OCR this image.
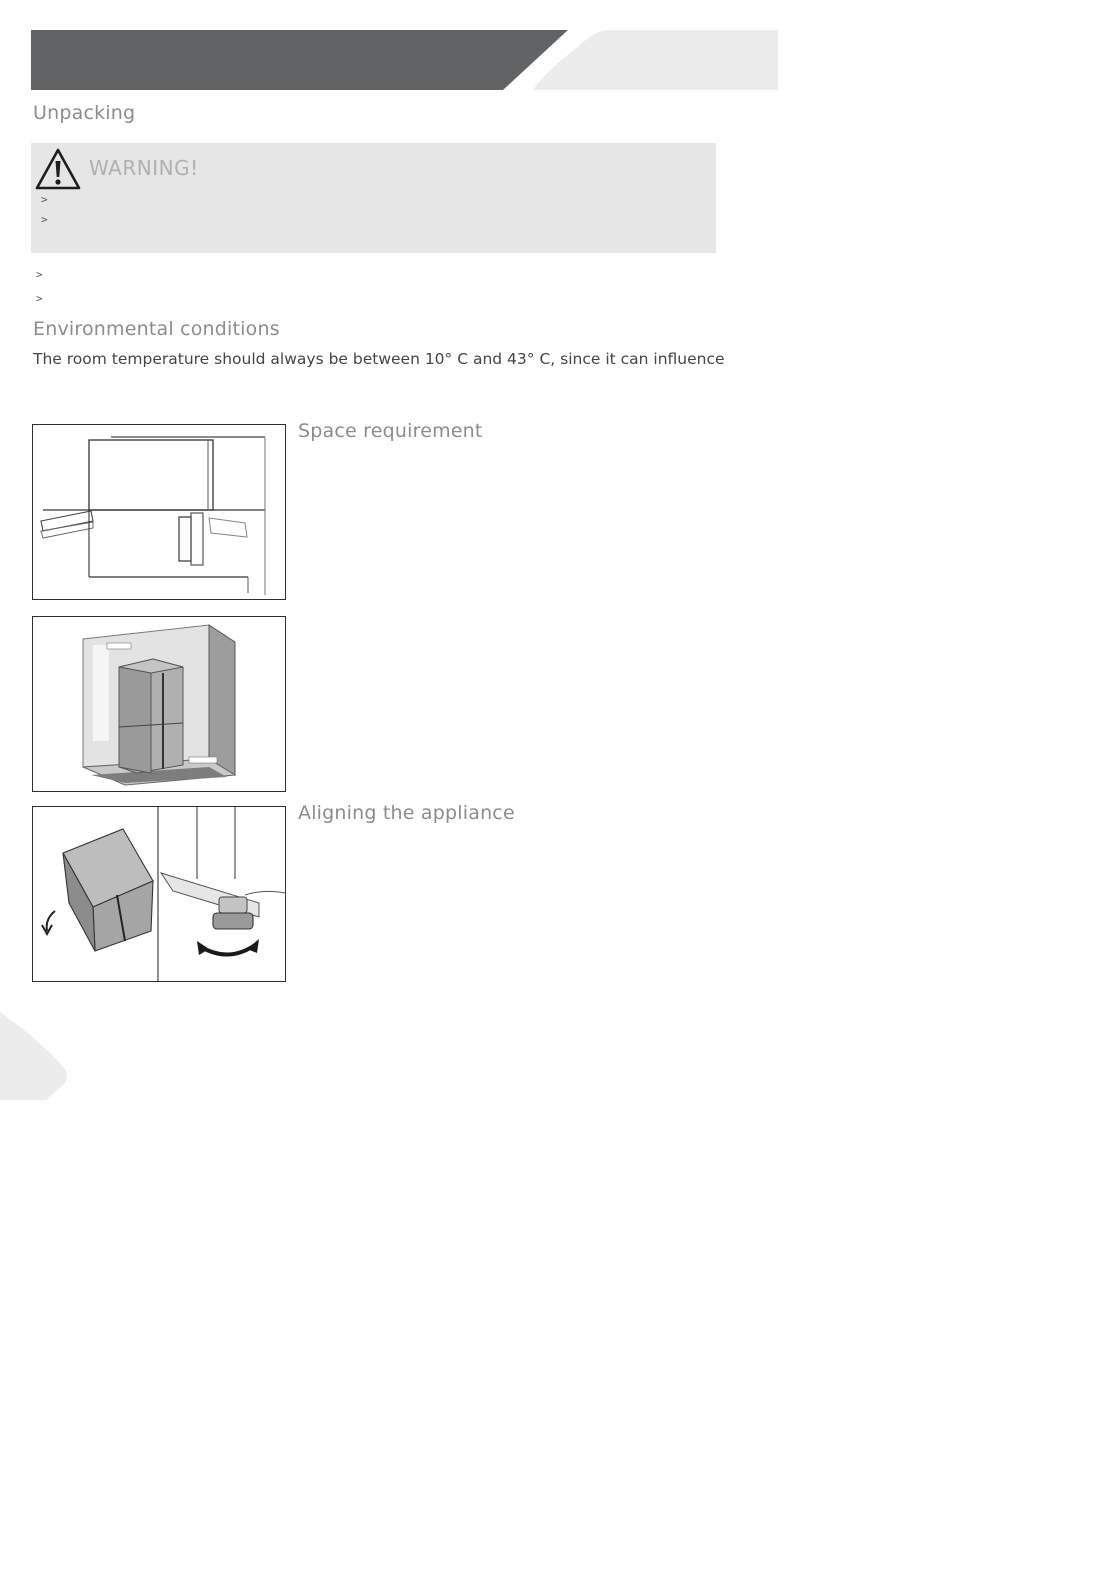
Unpacking
WARNING!
>
>
>
>
Environmental conditions
The room temperature should always be between 10° C and 43° C, since it can influence
Space requirement
Aligning the appliance
